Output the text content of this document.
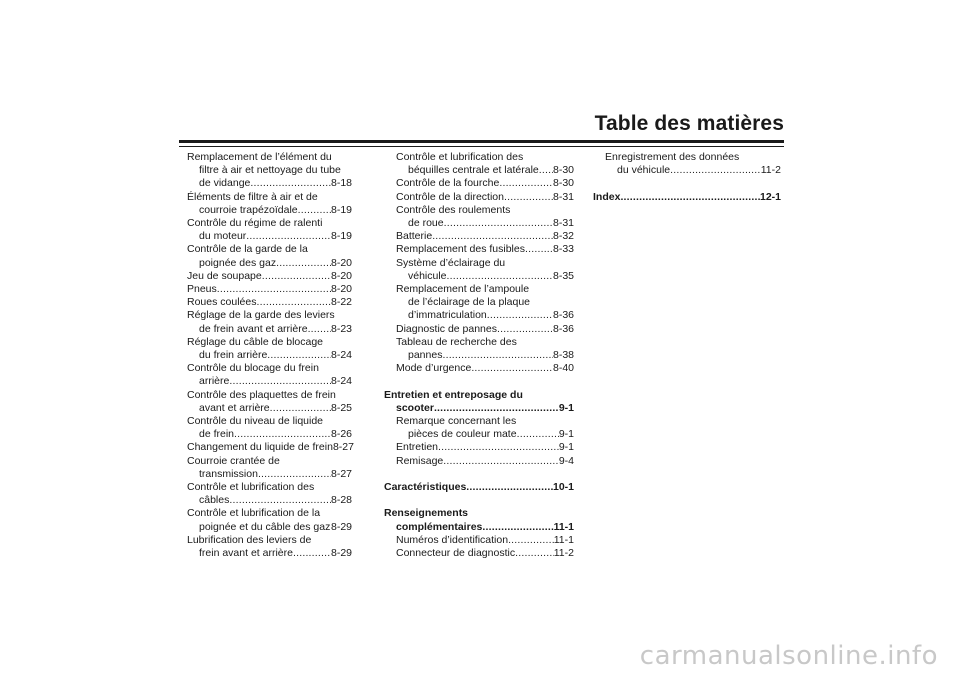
Table des matières
Remplacement de l’élément du
filtre à air et nettoyage du tube
de vidange .....	8-18
Éléments de filtre à air et de
courroie trapézoïdale .....	8-19
Contrôle du régime de ralenti
du moteur .....	8-19
Contrôle de la garde de la
poignée des gaz .....	8-20
Jeu de soupape .....	8-20
Pneus .....	8-20
Roues coulées .....	8-22
Réglage de la garde des leviers
de frein avant et arrière ..... 8-23
Réglage du câble de blocage
du frein arrière .....	8-24
Contrôle du blocage du frein
arrière .....	8-24
Contrôle des plaquettes de frein
avant et arrière .....	8-25
Contrôle du niveau de liquide
de frein .....	8-26
Changement du liquide de frein 8-27
Courroie crantée de
transmission .....	8-27
Contrôle et lubrification des
câbles .....	8-28
Contrôle et lubrification de la
poignée et du câble des gaz ..... 8-29
Lubrification des leviers de
frein avant et arrière .....	8-29
Contrôle et lubrification des
béquilles centrale et latérale ..... 8-30
Contrôle de la fourche .....	8-30
Contrôle de la direction .....	8-31
Contrôle des roulements
de roue .....	8-31
Batterie .....	8-32
Remplacement des fusibles .....	8-33
Système d’éclairage du
véhicule .....	8-35
Remplacement de l’ampoule
de l’éclairage de la plaque
d’immatriculation .....	8-36
Diagnostic de pannes .....	8-36
Tableau de recherche des
pannes .....	8-38
Mode d’urgence .....	8-40
Entretien et entreposage du
scooter .....	9-1
Remarque concernant les
pièces de couleur mate .....	9-1
Entretien .....	9-1
Remisage .....	9-4
Caractéristiques .....	10-1
Renseignements
complémentaires .....	11-1
Numéros d’identification .....	11-1
Connecteur de diagnostic .....	11-2
Enregistrement des données
du véhicule .....	11-2
Index .....	12-1
carmanualsonline.info
